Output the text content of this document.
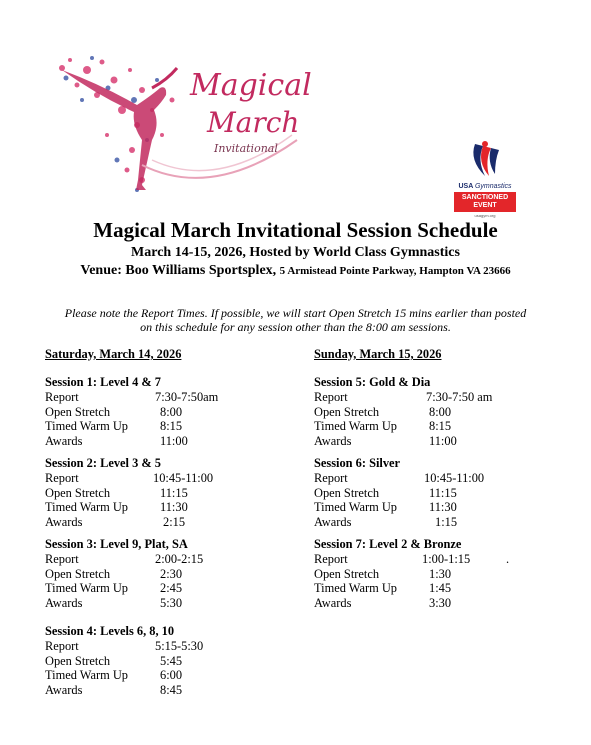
Magical
March
Invitational
USA Gymnastics
SANCTIONED
EVENT
usagym.org
Magical March Invitational Session Schedule
March 14-15, 2026, Hosted by World Class Gymnastics
Venue: Boo Williams Sportsplex, 5 Armistead Pointe Parkway, Hampton VA 23666
Please note the Report Times. If possible, we will start Open Stretch 15 mins earlier than posted
on this schedule for any session other than the 8:00 am sessions.
Saturday, March 14, 2026
Session 1: Level 4 & 7
Report	7:30-7:50am
Open Stretch	8:00
Timed Warm Up	8:15
Awards	11:00
Session 2: Level 3 & 5
Report	10:45-11:00
Open Stretch	11:15
Timed Warm Up	11:30
Awards	2:15
Session 3: Level 9, Plat, SA
Report	2:00-2:15
Open Stretch	2:30
Timed Warm Up	2:45
Awards	5:30
Session 4: Levels 6, 8, 10
Report	5:15-5:30
Open Stretch	5:45
Timed Warm Up	6:00
Awards	8:45
Sunday, March 15, 2026
Session 5: Gold & Dia
Report	7:30-7:50 am
Open Stretch	8:00
Timed Warm Up	8:15
Awards	11:00
Session 6: Silver
Report	10:45-11:00
Open Stretch	11:15
Timed Warm Up	11:30
Awards	1:15
Session 7: Level 2 & Bronze
Report	1:00-1:15	.
Open Stretch	1:30
Timed Warm Up	1:45
Awards	3:30
